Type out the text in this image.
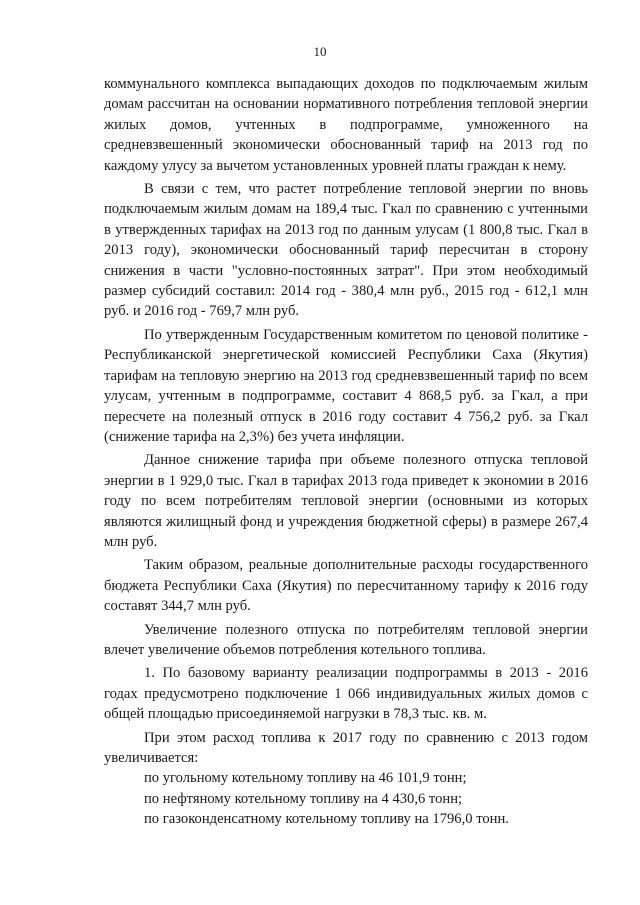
10

коммунального комплекса выпадающих доходов по подключаемым жилым домам рассчитан на основании нормативного потребления тепловой энергии жилых домов, учтенных в подпрограмме, умноженного на средневзвешенный экономически обоснованный тариф на 2013 год по каждому улусу за вычетом установленных уровней платы граждан к нему.

В связи с тем, что растет потребление тепловой энергии по вновь подключаемым жилым домам на 189,4 тыс. Гкал по сравнению с учтенными в утвержденных тарифах на 2013 год по данным улусам (1 800,8 тыс. Гкал в 2013 году), экономически обоснованный тариф пересчитан в сторону снижения в части "условно-постоянных затрат". При этом необходимый размер субсидий составил: 2014 год - 380,4 млн руб., 2015 год - 612,1 млн руб. и 2016 год - 769,7 млн руб.

По утвержденным Государственным комитетом по ценовой политике - Республиканской энергетической комиссией Республики Саха (Якутия) тарифам на тепловую энергию на 2013 год средневзвешенный тариф по всем улусам, учтенным в подпрограмме, составит 4 868,5 руб. за Гкал, а при пересчете на полезный отпуск в 2016 году составит 4 756,2 руб. за Гкал (снижение тарифа на 2,3%) без учета инфляции.

Данное снижение тарифа при объеме полезного отпуска тепловой энергии в 1 929,0 тыс. Гкал в тарифах 2013 года приведет к экономии в 2016 году по всем потребителям тепловой энергии (основными из которых являются жилищный фонд и учреждения бюджетной сферы) в размере 267,4 млн руб.

Таким образом, реальные дополнительные расходы государственного бюджета Республики Саха (Якутия) по пересчитанному тарифу к 2016 году составят 344,7 млн руб.

Увеличение полезного отпуска по потребителям тепловой энергии влечет увеличение объемов потребления котельного топлива.

1. По базовому варианту реализации подпрограммы в 2013 - 2016 годах предусмотрено подключение 1 066 индивидуальных жилых домов с общей площадью присоединяемой нагрузки в 78,3 тыс. кв. м.

При этом расход топлива к 2017 году по сравнению с 2013 годом увеличивается:

по угольному котельному топливу на 46 101,9 тонн;

по нефтяному котельному топливу на 4 430,6 тонн;

по газоконденсатному котельному топливу на 1796,0 тонн.
